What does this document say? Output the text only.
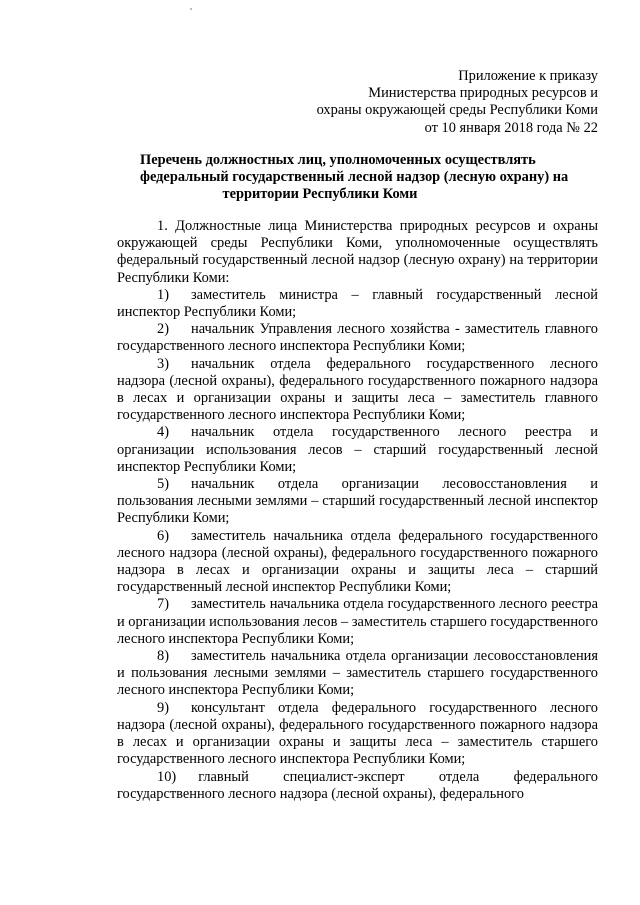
Приложение к приказу
Министерства природных ресурсов и
охраны окружающей среды Республики Коми
от 10 января 2018 года № 22
Перечень должностных лиц, уполномоченных осуществлять
федеральный государственный лесной надзор (лесную охрану) на
территории Республики Коми

1. Должностные лица Министерства природных ресурсов и охраны окружающей среды Республики Коми, уполномоченные осуществлять федеральный государственный лесной надзор (лесную охрану) на территории Республики Коми:

1) заместитель министра – главный государственный лесной инспектор Республики Коми;

2) начальник Управления лесного хозяйства - заместитель главного государственного лесного инспектора Республики Коми;

3) начальник отдела федерального государственного лесного надзора (лесной охраны), федерального государственного пожарного надзора в лесах и организации охраны и защиты леса – заместитель главного государственного лесного инспектора Республики Коми;

4) начальник отдела государственного лесного реестра и организации использования лесов – старший государственный лесной инспектор Республики Коми;

5) начальник отдела организации лесовосстановления и пользования лесными землями – старший государственный лесной инспектор Республики Коми;

6) заместитель начальника отдела федерального государственного лесного надзора (лесной охраны), федерального государственного пожарного надзора в лесах и организации охраны и защиты леса – старший государственный лесной инспектор Республики Коми;

7) заместитель начальника отдела государственного лесного реестра и организации использования лесов – заместитель старшего государственного лесного инспектора Республики Коми;

8) заместитель начальника отдела организации лесовосстановления и пользования лесными землями – заместитель старшего государственного лесного инспектора Республики Коми;

9) консультант отдела федерального государственного лесного надзора (лесной охраны), федерального государственного пожарного надзора в лесах и организации охраны и защиты леса – заместитель старшего государственного лесного инспектора Республики Коми;

10) главный специалист-эксперт отдела федерального государственного лесного надзора (лесной охраны), федерального
